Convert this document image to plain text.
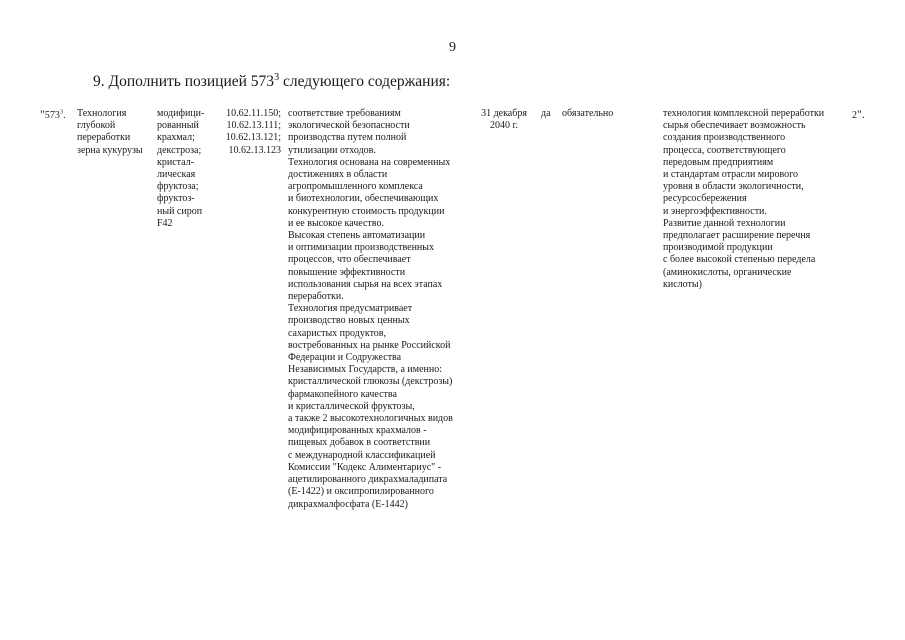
9
9. Дополнить позицией $573^3$ следующего содержания:
"$573^3$. Технология
глубокой
переработки
зерна кукурузы
модифици-
рованный
крахмал;
декстроза;
кристал-
лическая
фруктоза;
фруктоз-
ный сироп
F42
10.62.11.150;
10.62.13.111;
10.62.13.121;
10.62.13.123
соответствие требованиям
экологической безопасности
производства путем полной
утилизации отходов.
Технология основана на современных
достижениях в области
агропромышленного комплекса
и биотехнологии, обеспечивающих
конкурентную стоимость продукции
и ее высокое качество.
Высокая степень автоматизации
и оптимизации производственных
процессов, что обеспечивает
повышение эффективности
использования сырья на всех этапах
переработки.
Технология предусматривает
производство новых ценных
сахаристых продуктов,
востребованных на рынке Российской
Федерации и Содружества
Независимых Государств, а именно:
кристаллической глюкозы (декстрозы)
фармакопейного качества
и кристаллической фруктозы,
а также 2 высокотехнологичных видов
модифицированных крахмалов -
пищевых добавок в соответствии
с международной классификацией
Комиссии "Кодекс Алиментариус" -
ацетилированного дикрахмаладипата
(Е-1422) и оксипропилированного
дикрахмалфосфата (Е-1442)
31 декабря
2040 г.
да обязательно	технология комплексной переработки
сырья обеспечивает возможность
создания производственного
процесса, соответствующего
передовым предприятиям
и стандартам отрасли мирового
уровня в области экологичности,
ресурсосбережения
и энергоэффективности.
Развитие данной технологии
предполагает расширение перечня
производимой продукции
с более высокой степенью передела
(аминокислоты, органические
кислоты)
2".
